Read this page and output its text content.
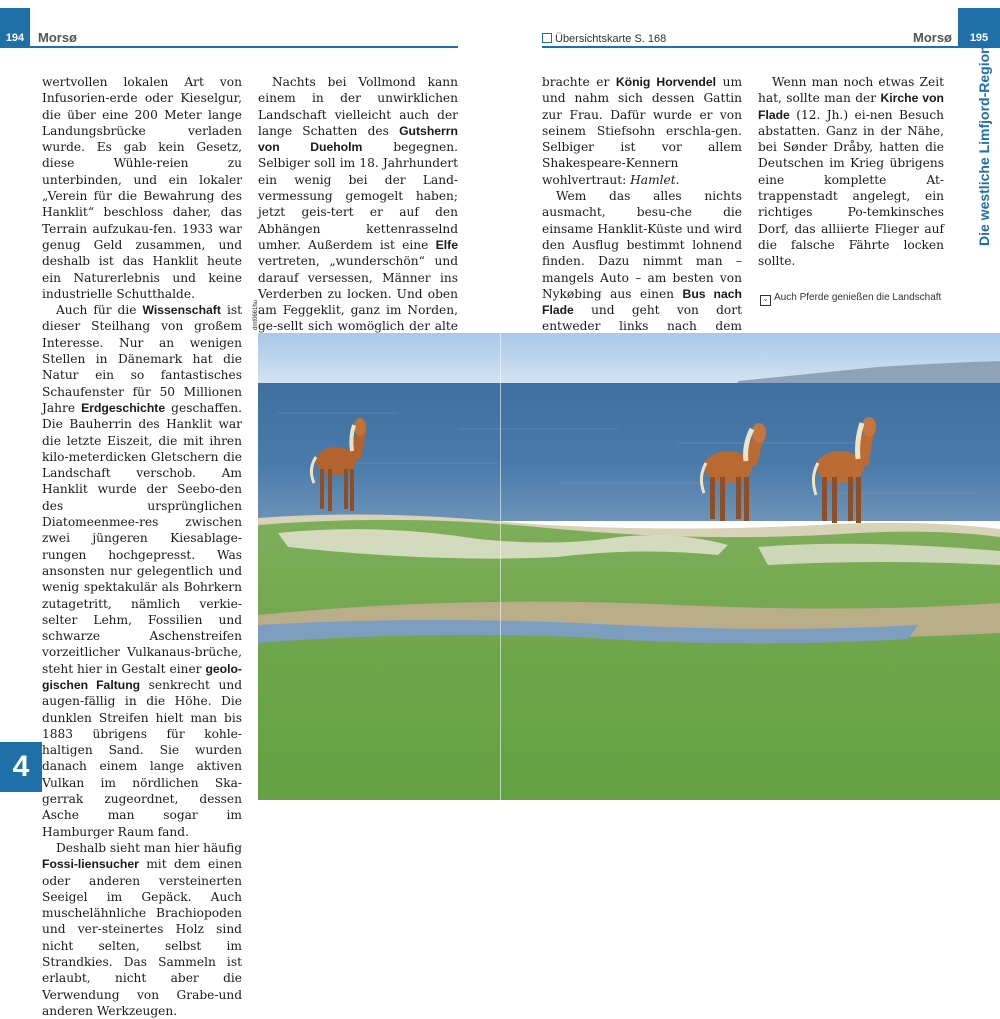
194	Morsø

wertvollen lokalen Art von Infusorien-erde oder Kieselgur, die über eine 200 Meter lange Landungsbrücke verladen wurde. Es gab kein Gesetz, diese Wühle-reien zu unterbinden, und ein lokaler „Verein für die Bewahrung des Hanklit“ beschloss daher, das Terrain aufzukau-fen. 1933 war genug Geld zusammen, und deshalb ist das Hanklit heute ein Naturerlebnis und keine industrielle Schutthalde.

Auch für die Wissenschaft ist dieser Steilhang von großem Interesse. Nur an wenigen Stellen in Dänemark hat die Natur ein so fantastisches Schaufenster für 50 Millionen Jahre Erdgeschichte geschaffen. Die Bauherrin des Hanklit war die letzte Eiszeit, die mit ihren kilo-meterdicken Gletschern die Landschaft verschob. Am Hanklit wurde der Seebo-den des ursprünglichen Diatomeenmee-res zwischen zwei jüngeren Kiesablage-rungen hochgepresst. Was ansonsten nur gelegentlich und wenig spektakulär als Bohrkern zutagetritt, nämlich verkie-selter Lehm, Fossilien und schwarze Aschenstreifen vorzeitlicher Vulkanaus-brüche, steht hier in Gestalt einer geolo-gischen Faltung senkrecht und augen-fällig in die Höhe. Die dunklen Streifen hielt man bis 1883 übrigens für kohle-haltigen Sand. Sie wurden danach einem lange aktiven Vulkan im nördlichen Ska-gerrak zugeordnet, dessen Asche man sogar im Hamburger Raum fand.

Deshalb sieht man hier häufig Fossi-liensucher mit dem einen oder anderen versteinerten Seeigel im Gepäck. Auch muschelähnliche Brachiopoden und ver-steinertes Holz sind nicht selten, selbst im Strandkies. Das Sammeln ist erlaubt, nicht aber die Verwendung von Grabe-und anderen Werkzeugen.

Nachts bei Vollmond kann einem in der unwirklichen Landschaft vielleicht auch der lange Schatten des Gutsherrn von Dueholm begegnen. Selbiger soll im 18. Jahrhundert ein wenig bei der Land-vermessung gemogelt haben; jetzt geis-tert er auf den Abhängen kettenrasselnd umher. Außerdem ist eine Elfe vertreten, „wunderschön“ und darauf versessen, Männer ins Verderben zu locken. Und oben am Feggeklit, ganz im Norden, ge-sellt sich womöglich der alte

dmt0661hu
4
Übersichtskarte S. 168	Morsø	195

brachte er König Horvendel um und nahm sich dessen Gattin zur Frau. Dafür wurde er von seinem Stiefsohn erschla-gen. Selbiger ist vor allem Shakespeare-Kennern wohlvertraut: Hamlet.

Wem das alles nichts ausmacht, besu-che die einsame Hanklit-Küste und wird den Ausflug bestimmt lohnend finden. Dazu nimmt man – mangels Auto – am besten von Nykøbing aus einen Bus nach Flade und geht von dort entweder links nach dem

Wenn man noch etwas Zeit hat, sollte man der Kirche von Flade (12. Jh.) ei-nen Besuch abstatten. Ganz in der Nähe, bei Sønder Dråby, hatten die Deutschen im Krieg übrigens eine komplette At-trappenstadt angelegt, ein richtiges Po-temkinsches Dorf, das alliierte Flieger auf die falsche Fährte locken sollte.

Die westliche Limfjord-Region
⌄ Auch Pferde genießen die Landschaft
